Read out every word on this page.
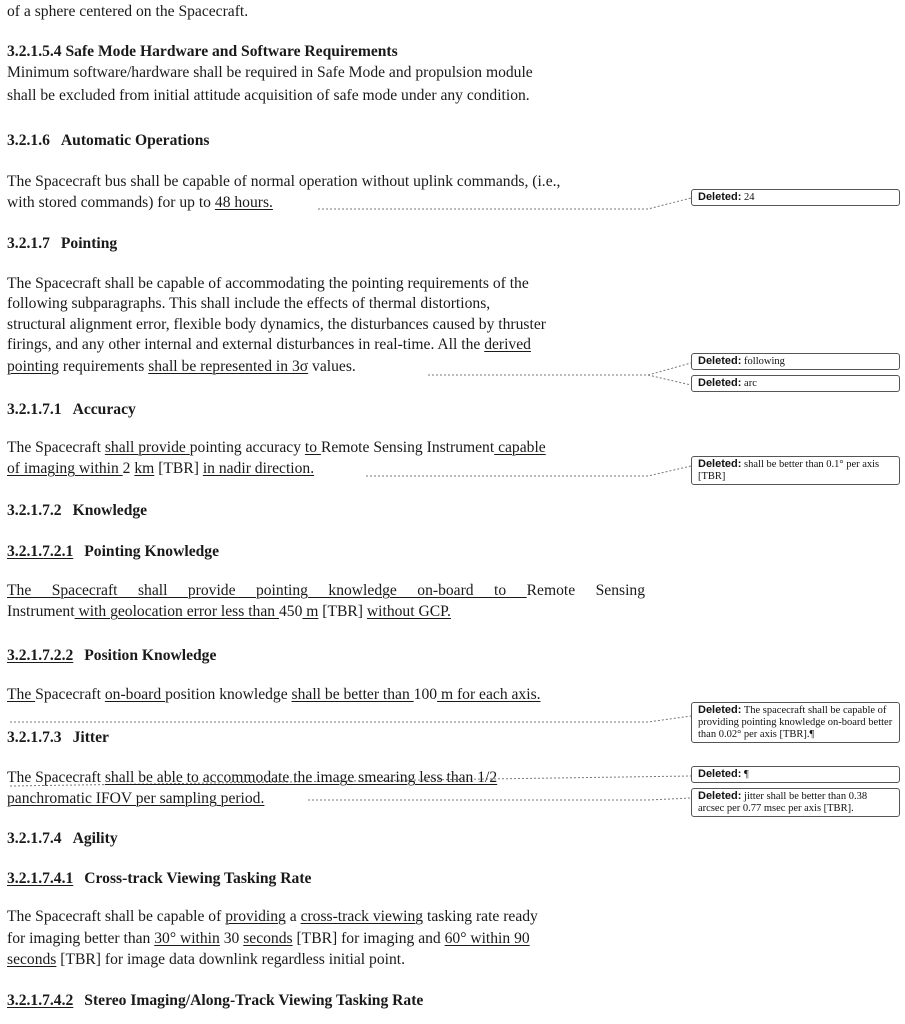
of a sphere centered on the Spacecraft.
3.2.1.5.4 Safe Mode Hardware and Software Requirements
Minimum software/hardware shall be required in Safe Mode and propulsion module
shall be excluded from initial attitude acquisition of safe mode under any condition.
3.2.1.6 Automatic Operations
The Spacecraft bus shall be capable of normal operation without uplink commands, (i.e.,
with stored commands) for up to 48 hours.
3.2.1.7 Pointing
The Spacecraft shall be capable of accommodating the pointing requirements of the
following subparagraphs. This shall include the effects of thermal distortions,
structural alignment error, flexible body dynamics, the disturbances caused by thruster
firings, and any other internal and external disturbances in real-time. All the derived
pointing requirements shall be represented in 3σ values.
3.2.1.7.1 Accuracy
The Spacecraft shall provide pointing accuracy to Remote Sensing Instrument capable
of imaging within 2 km [TBR] in nadir direction.
3.2.1.7.2 Knowledge
3.2.1.7.2.1 Pointing Knowledge
The Spacecraft shall provide pointing knowledge on-board to Remote Sensing
Instrument with geolocation error less than 450 m [TBR] without GCP.
3.2.1.7.2.2 Position Knowledge
The Spacecraft on-board position knowledge shall be better than 100 m for each axis.
3.2.1.7.3 Jitter
The Spacecraft shall be able to accommodate the image smearing less than 1/2
panchromatic IFOV per sampling period.
3.2.1.7.4 Agility
3.2.1.7.4.1 Cross-track Viewing Tasking Rate
The Spacecraft shall be capable of providing a cross-track viewing tasking rate ready
for imaging better than 30° within 30 seconds [TBR] for imaging and 60° within 90
seconds [TBR] for image data downlink regardless initial point.
3.2.1.7.4.2 Stereo Imaging/Along-Track Viewing Tasking Rate
Deleted: 24
Deleted: following
Deleted: arc
Deleted: shall be better than 0.1° per axis [TBR]
Deleted: The spacecraft shall be capable of providing pointing knowledge on-board better than 0.02° per axis [TBR].¶
Deleted: ¶
Deleted: jitter shall be better than 0.38 arcsec per 0.77 msec per axis [TBR].
